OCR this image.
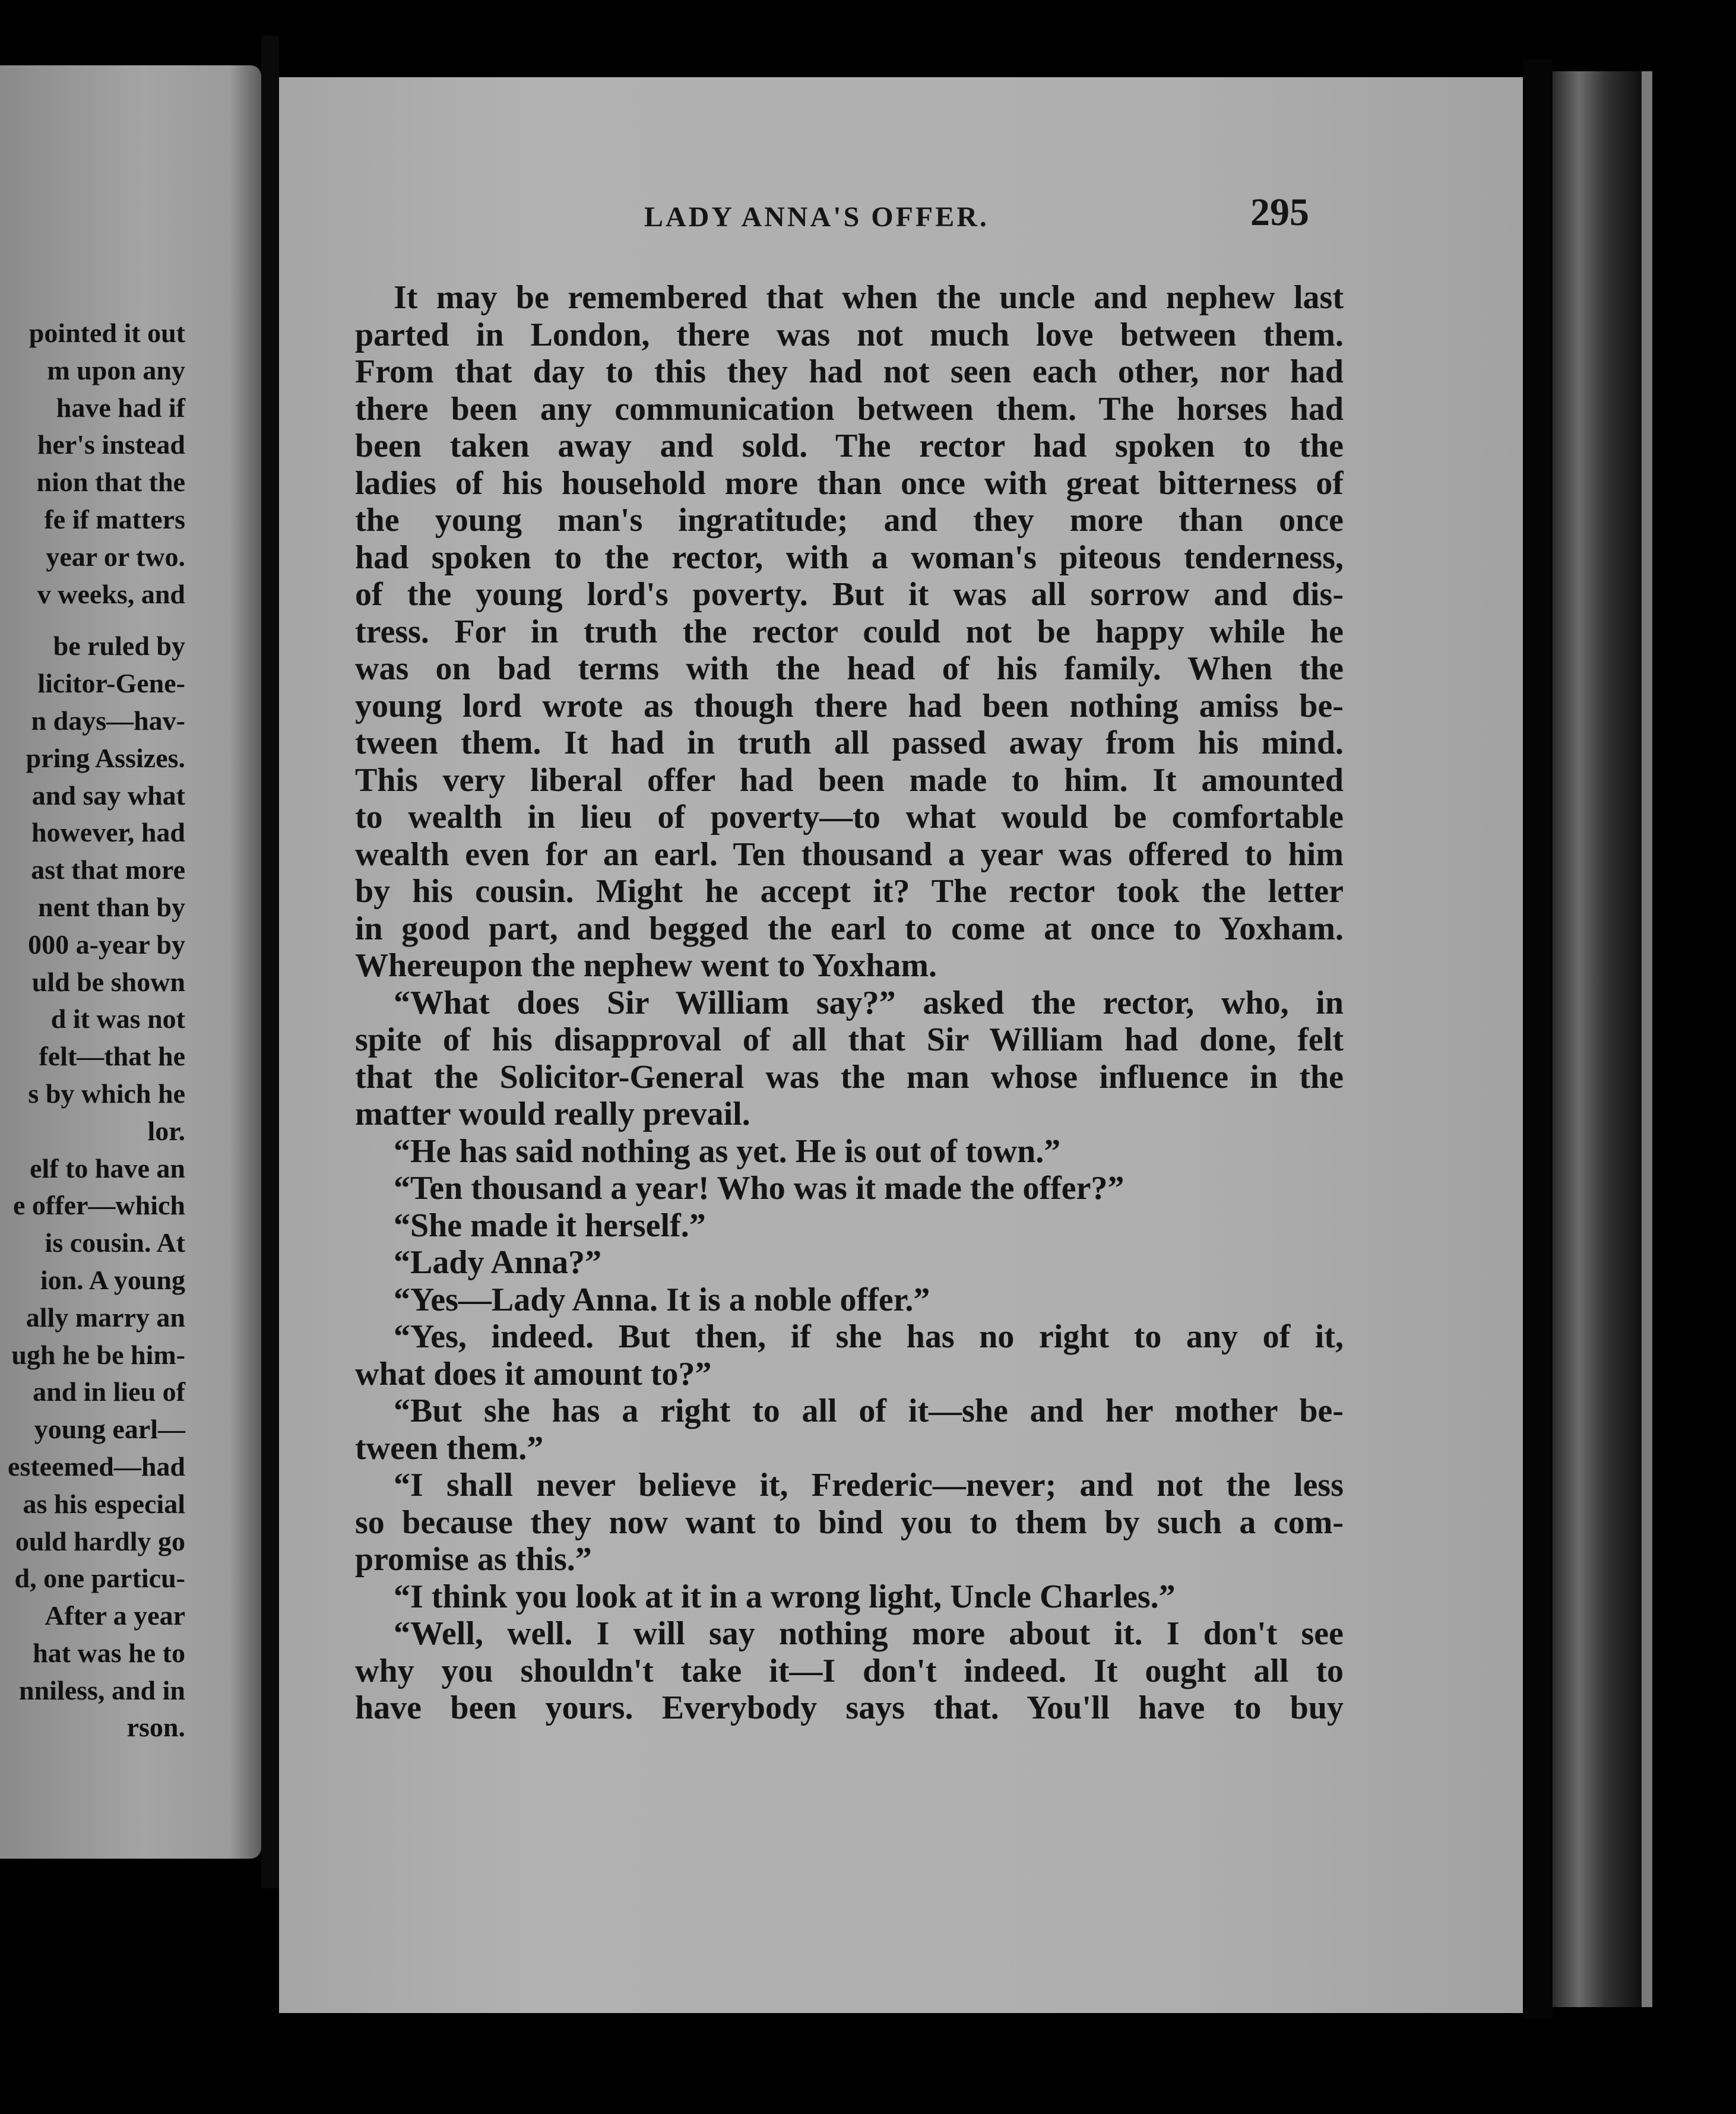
pointed it out
m upon any
have had if
her's instead
nion that the
fe if matters
year or two.
v weeks, and
be ruled by
licitor-Gene-
n days—hav-
pring Assizes.
and say what
however, had
ast that more
nent than by
000 a-year by
uld be shown
d it was not
felt—that he
s by which he
lor.
elf to have an
e offer—which
is cousin. At
ion. A young
ally marry an
ugh he be him-
and in lieu of
young earl—
esteemed—had
as his especial
ould hardly go
d, one particu-
After a year
hat was he to
nniless, and in
rson.
LADY ANNA'S OFFER.	295
It may be remembered that when the uncle and nephew last
parted in London, there was not much love between them.
From that day to this they had not seen each other, nor had
there been any communication between them. The horses had
been taken away and sold. The rector had spoken to the
ladies of his household more than once with great bitterness of
the young man's ingratitude; and they more than once
had spoken to the rector, with a woman's piteous tenderness,
of the young lord's poverty. But it was all sorrow and dis-
tress. For in truth the rector could not be happy while he
was on bad terms with the head of his family. When the
young lord wrote as though there had been nothing amiss be-
tween them. It had in truth all passed away from his mind.
This very liberal offer had been made to him. It amounted
to wealth in lieu of poverty—to what would be comfortable
wealth even for an earl. Ten thousand a year was offered to him
by his cousin. Might he accept it? The rector took the letter
in good part, and begged the earl to come at once to Yoxham.
Whereupon the nephew went to Yoxham.
“What does Sir William say?” asked the rector, who, in
spite of his disapproval of all that Sir William had done, felt
that the Solicitor-General was the man whose influence in the
matter would really prevail.
“He has said nothing as yet. He is out of town.”
“Ten thousand a year! Who was it made the offer?”
“She made it herself.”
“Lady Anna?”
“Yes—Lady Anna. It is a noble offer.”
“Yes, indeed. But then, if she has no right to any of it,
what does it amount to?”
“But she has a right to all of it—she and her mother be-
tween them.”
“I shall never believe it, Frederic—never; and not the less
so because they now want to bind you to them by such a com-
promise as this.”
“I think you look at it in a wrong light, Uncle Charles.”
“Well, well. I will say nothing more about it. I don't see
why you shouldn't take it—I don't indeed. It ought all to
have been yours. Everybody says that. You'll have to buy
